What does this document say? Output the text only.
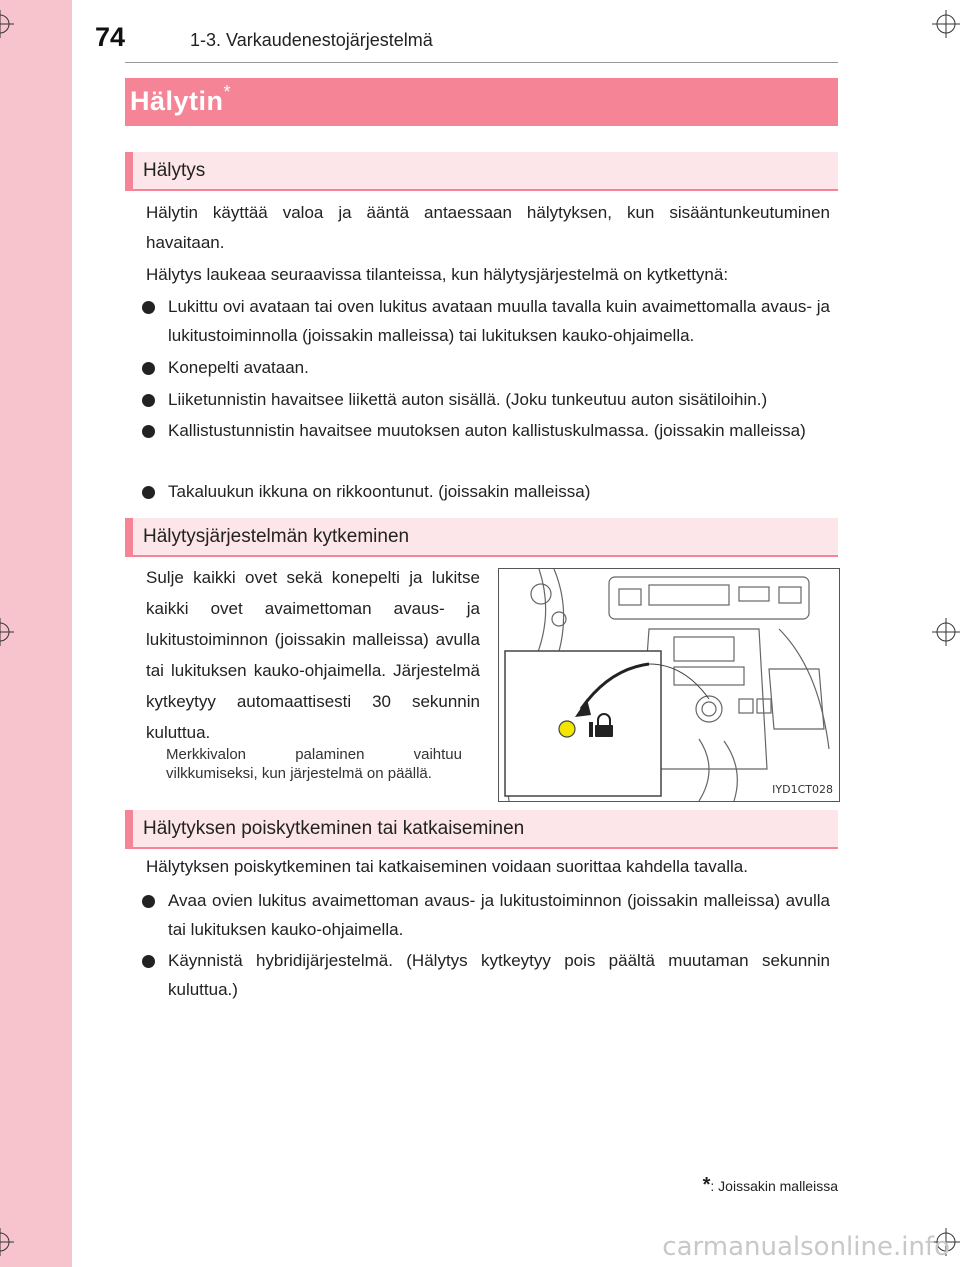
74	1-3. Varkaudenestojärjestelmä
Hälytin*
Hälytys
Hälytin käyttää valoa ja ääntä antaessaan hälytyksen, kun sisääntunkeutuminen havaitaan.
Hälytys laukeaa seuraavissa tilanteissa, kun hälytysjärjestelmä on kytkettynä:
Lukittu ovi avataan tai oven lukitus avataan muulla tavalla kuin avaimettomalla avaus- ja lukitustoiminnolla (joissakin malleissa) tai lukituksen kauko-ohjaimella.
Konepelti avataan.
Liiketunnistin havaitsee liikettä auton sisällä. (Joku tunkeutuu auton sisätiloihin.)
Kallistustunnistin havaitsee muutoksen auton kallistuskulmassa. (joissakin malleissa)
Takaluukun ikkuna on rikkoontunut. (joissakin malleissa)
Hälytysjärjestelmän kytkeminen
Sulje kaikki ovet sekä konepelti ja lukitse kaikki ovet avaimettoman avaus- ja lukitustoiminnon (joissakin malleissa) avulla tai lukituksen kauko-ohjaimella. Järjestelmä kytkeytyy automaattisesti 30 sekunnin kuluttua.
Merkkivalon palaminen vaihtuu vilkkumiseksi, kun järjestelmä on päällä.
IYD1CT028
Hälytyksen poiskytkeminen tai katkaiseminen
Hälytyksen poiskytkeminen tai katkaiseminen voidaan suorittaa kahdella tavalla.
Avaa ovien lukitus avaimettoman avaus- ja lukitustoiminnon (joissakin malleissa) avulla tai lukituksen kauko-ohjaimella.
Käynnistä hybridijärjestelmä. (Hälytys kytkeytyy pois päältä muutaman sekunnin kuluttua.)
*: Joissakin malleissa
carmanualsonline.info
